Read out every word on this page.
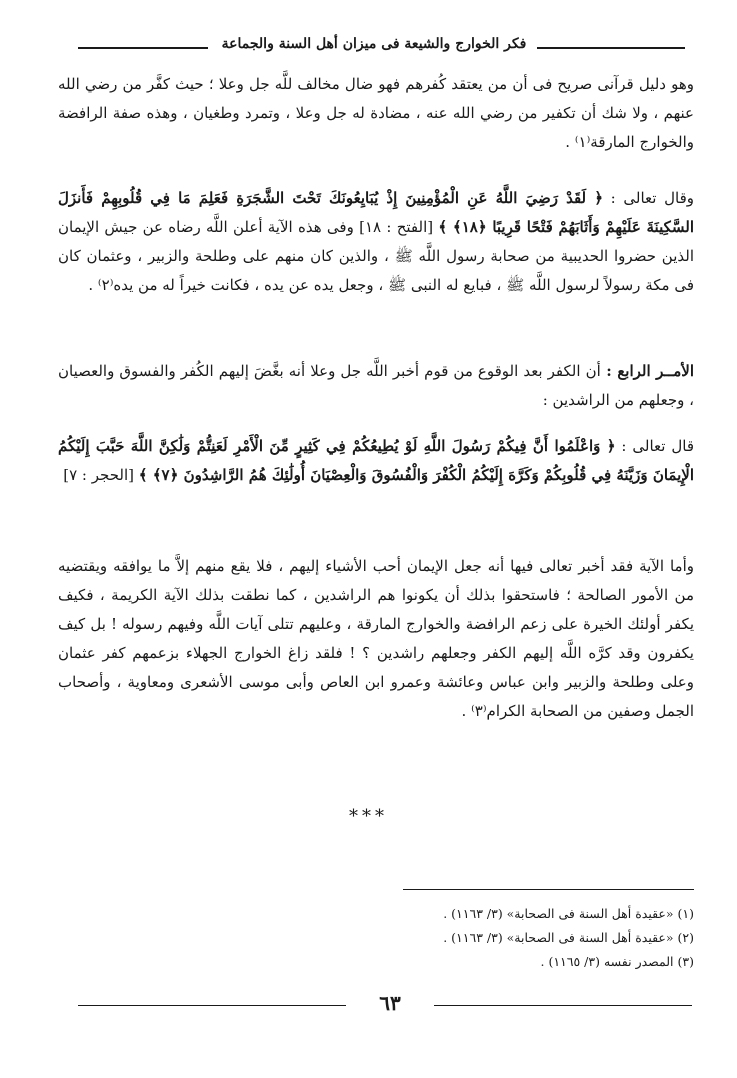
فكر الخوارج والشيعة فى ميزان أهل السنة والجماعة

وهو دليل قرآنى صريح فى أن من يعتقد كُفرهم فهو ضال مخالف للَّه جل وعلا ؛ حيث كفَّر من رضي الله عنهم ، ولا شك أن تكفير من رضي الله عنه ، مضادة له جل وعلا ، وتمرد وطغيان ، وهذه صفة الرافضة والخوارج المارقة⁽١⁾ .

وقال تعالى : ﴿ لَقَدْ رَضِيَ اللَّهُ عَنِ الْمُؤْمِنِينَ إِذْ يُبَايِعُونَكَ تَحْتَ الشَّجَرَةِ فَعَلِمَ مَا فِي قُلُوبِهِمْ فَأَنزَلَ السَّكِينَةَ عَلَيْهِمْ وَأَثَابَهُمْ فَتْحًا قَرِيبًا ﴿١٨﴾ ﴾ [الفتح : ١٨] وفى هذه الآية أعلن اللَّه رضاه عن جيش الإيمان الذين حضروا الحديبية من صحابة رسول اللَّه ﷺ ، والذين كان منهم على وطلحة والزبير ، وعثمان كان فى مكة رسولاً لرسول اللَّه ﷺ ، فبايع له النبى ﷺ ، وجعل يده عن يده ، فكانت خيراً له من يده⁽٢⁾ .

الأمــر الرابع : أن الكفر بعد الوقوع من قوم أخبر اللَّه جل وعلا أنه بغَّضَ إليهم الكُفر والفسوق والعصيان ، وجعلهم من الراشدين :

قال تعالى : ﴿ وَاعْلَمُوا أَنَّ فِيكُمْ رَسُولَ اللَّهِ لَوْ يُطِيعُكُمْ فِي كَثِيرٍ مِّنَ الْأَمْرِ لَعَنِتُّمْ وَلَٰكِنَّ اللَّهَ حَبَّبَ إِلَيْكُمُ الْإِيمَانَ وَزَيَّنَهُ فِي قُلُوبِكُمْ وَكَرَّهَ إِلَيْكُمُ الْكُفْرَ وَالْفُسُوقَ وَالْعِصْيَانَ أُولَٰئِكَ هُمُ الرَّاشِدُونَ ﴿٧﴾ ﴾ [الحجر : ٧]

وأما الآية فقد أخبر تعالى فيها أنه جعل الإيمان أحب الأشياء إليهم ، فلا يقع منهم إلاَّ ما يوافقه ويقتضيه من الأمور الصالحة ؛ فاستحقوا بذلك أن يكونوا هم الراشدين ، كما نطقت بذلك الآية الكريمة ، فكيف يكفر أولئك الخيرة على زعم الرافضة والخوارج المارقة ، وعليهم تتلى آيات اللَّه وفيهم رسوله ! بل كيف يكفرون وقد كرَّه اللَّه إليهم الكفر وجعلهم راشدين ؟ ! فلقد زاغ الخوارج الجهلاء بزعمهم كفر عثمان وعلى وطلحة والزبير وابن عباس وعائشة وعمرو ابن العاص وأبى موسى الأشعرى ومعاوية ، وأصحاب الجمل وصفين من الصحابة الكرام⁽٣⁾ .

***
(١) «عقيدة أهل السنة فى الصحابة» (٣/ ١١٦٣) .
(٢) «عقيدة أهل السنة فى الصحابة» (٣/ ١١٦٣) .
(٣) المصدر نفسه (٣/ ١١٦٥) .
٦٣
